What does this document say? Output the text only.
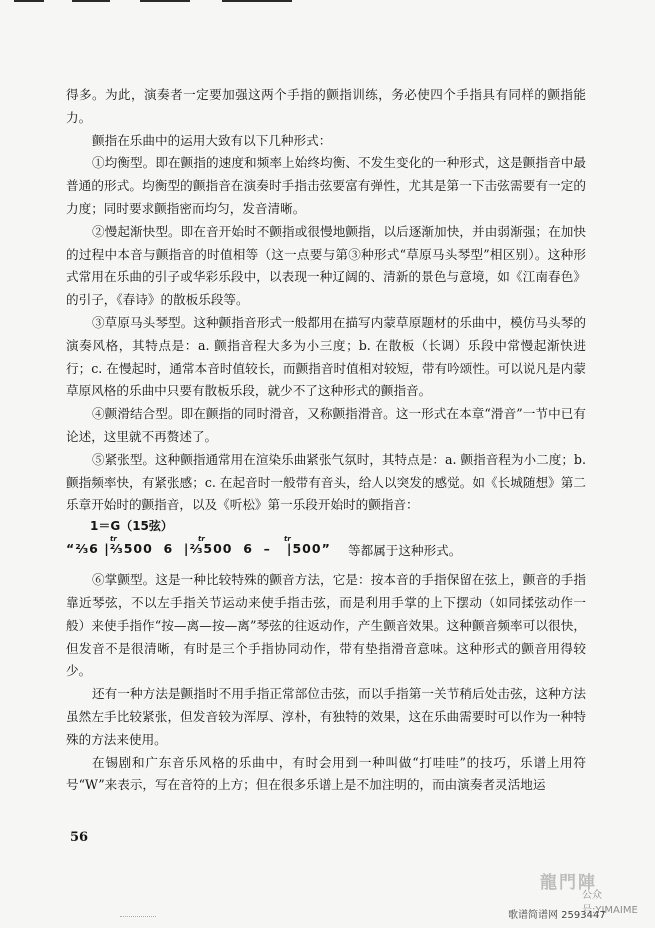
得多。为此，演奏者一定要加强这两个手指的颤指训练，务必使四个手指具有同样的颤指能力。

颤指在乐曲中的运用大致有以下几种形式：

①均衡型。即在颤指的速度和频率上始终均衡、不发生变化的一种形式，这是颤指音中最普通的形式。均衡型的颤指音在演奏时手指击弦要富有弹性，尤其是第一下击弦需要有一定的力度；同时要求颤指密而均匀，发音清晰。

②慢起渐快型。即在音开始时不颤指或很慢地颤指，以后逐渐加快，并由弱渐强；在加快的过程中本音与颤指音的时值相等（这一点要与第③种形式“草原马头琴型”相区别）。这种形式常用在乐曲的引子或华彩乐段中，以表现一种辽阔的、清新的景色与意境，如《江南春色》的引子，《春诗》的散板乐段等。

③草原马头琴型。这种颤指音形式一般都用在描写内蒙草原题材的乐曲中，模仿马头琴的演奏风格，其特点是：a. 颤指音程大多为小三度；b. 在散板（长调）乐段中常慢起渐快进行；c. 在慢起时，通常本音时值较长，而颤指音时值相对较短，带有吟颂性。可以说凡是内蒙草原风格的乐曲中只要有散板乐段，就少不了这种形式的颤指音。

④颤滑结合型。即在颤指的同时滑音，又称颤指滑音。这一形式在本章“滑音”一节中已有论述，这里就不再赘述了。

⑤紧张型。这种颤指通常用在渲染乐曲紧张气氛时，其特点是：a. 颤指音程为小二度；b. 颤指频率快，有紧张感；c. 在起音时一般带有音头，给人以突发的感觉。如《长城随想》第二乐章开始时的颤指音，以及《听松》第一乐段开始时的颤指音：

1＝G（15弦）
tr	tr	tr
“⅔6 |⅔500  6  |⅔500  6  –   |500” 等都属于这种形式。

⑥掌颤型。这是一种比较特殊的颤音方法，它是：按本音的手指保留在弦上，颤音的手指靠近琴弦，不以左手指关节运动来使手指击弦，而是利用手掌的上下摆动（如同揉弦动作一般）来使手指作“按—离—按—离”琴弦的往返动作，产生颤音效果。这种颤音频率可以很快，但发音不是很清晰，有时是三个手指协同动作，带有垫指滑音意味。这种形式的颤音用得较少。

还有一种方法是颤指时不用手指正常部位击弦，而以手指第一关节稍后处击弦，这种方法虽然左手比较紧张，但发音较为浑厚、淳朴，有独特的效果，这在乐曲需要时可以作为一种特殊的方法来使用。

在锡剧和广东音乐风格的乐曲中，有时会用到一种叫做“打哇哇”的技巧，乐谱上用符号“W”来表示，写在音符的上方；但在很多乐谱上是不加注明的，而由演奏者灵活地运

56
龍門陣
公众号:YIMAIME
歌谱简谱网 2593447
